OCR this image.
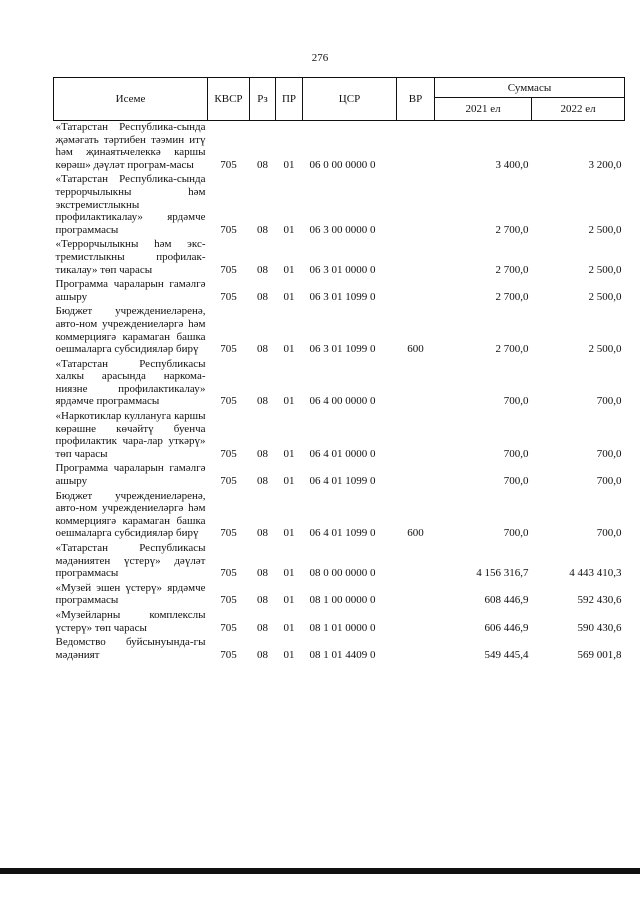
276
Исеме	КВСР	Рз	ПР	ЦСР	ВР	Суммасы	
						2021 ел	2022 ел
«Татарстан Республика-сында җәмәгать тәртибен тәэмин итү һәм җинаятьчелеккә каршы көрәш» дәүләт програм-масы	705	08	01	06 0 00 0000 0		3 400,0	3 200,0
«Татарстан Республика-сында террорчылыкны һәм экстремистлыкны профилактикалау» ярдәмче программасы	705	08	01	06 3 00 0000 0		2 700,0	2 500,0
«Террорчылыкны һәм экс-тремистлыкны профилак-тикалау» төп чарасы	705	08	01	06 3 01 0000 0		2 700,0	2 500,0
Программа чараларын гамәлгә ашыру	705	08	01	06 3 01 1099 0		2 700,0	2 500,0
Бюджет учреждениеләренә, авто-ном учреждениеләргә һәм коммерциягә карамаган башка оешмаларга субсидияләр бирү	705	08	01	06 3 01 1099 0	600	2 700,0	2 500,0
«Татарстан Республикасы халкы арасында наркома-ниязне профилактикалау» ярдәмче программасы	705	08	01	06 4 00 0000 0		700,0	700,0
«Наркотиклар кулланугa каршы көрәшне көчәйтү буенча профилактик чара-лар уткәрү» төп чарасы	705	08	01	06 4 01 0000 0		700,0	700,0
Программа чараларын гамәлгә ашыру	705	08	01	06 4 01 1099 0		700,0	700,0
Бюджет учреждениеләренә, авто-ном учреждениеләргә һәм коммерциягә карамаган башка оешмаларга субсидияләр бирү	705	08	01	06 4 01 1099 0	600	700,0	700,0
«Татарстан Республикасы мәдәниятен үстерү» дәүләт программасы	705	08	01	08 0 00 0000 0		4 156 316,7	4 443 410,3
«Музей эшен үстерү» ярдәмче программасы	705	08	01	08 1 00 0000 0		608 446,9	592 430,6
«Музейларны комплекслы үстерү» төп чарасы	705	08	01	08 1 01 0000 0		606 446,9	590 430,6
Ведомство буйсынуында-гы мәдәният	705	08	01	08 1 01 4409 0		549 445,4	569 001,8
